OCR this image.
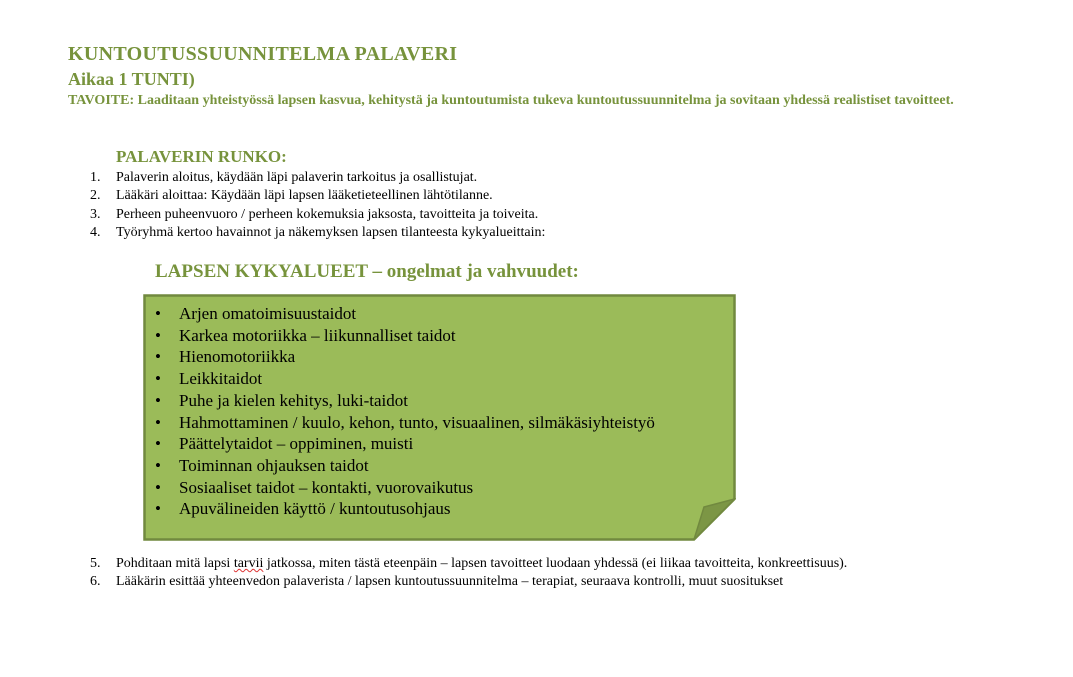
KUNTOUTUSSUUNNITELMA PALAVERI
Aikaa 1 TUNTI)
TAVOITE: Laaditaan yhteistyössä lapsen kasvua, kehitystä ja kuntoutumista tukeva kuntoutussuunnitelma ja sovitaan yhdessä realistiset tavoitteet.
PALAVERIN RUNKO:
1. Palaverin aloitus, käydään läpi palaverin tarkoitus ja osallistujat.
2. Lääkäri aloittaa: Käydään läpi lapsen lääketieteellinen lähtötilanne.
3. Perheen puheenvuoro / perheen kokemuksia jaksosta, tavoitteita ja toiveita.
4. Työryhmä kertoo havainnot ja näkemyksen lapsen tilanteesta kykyalueittain:
LAPSEN KYKYALUEET – ongelmat ja vahvuudet:
• Arjen omatoimisuustaidot
• Karkea motoriikka – liikunnalliset taidot
• Hienomotoriikka
• Leikkitaidot
• Puhe ja kielen kehitys, luki-taidot
• Hahmottaminen / kuulo, kehon, tunto, visuaalinen, silmäkäsiyhteistyö
• Päättelytaidot – oppiminen, muisti
• Toiminnan ohjauksen taidot
• Sosiaaliset taidot – kontakti, vuorovaikutus
• Apuvälineiden käyttö / kuntoutusohjaus
5. Pohditaan mitä lapsi tarvii jatkossa, miten tästä eteenpäin – lapsen tavoitteet luodaan yhdessä (ei liikaa tavoitteita, konkreettisuus).
6. Lääkärin esittää yhteenvedon palaverista / lapsen kuntoutussuunnitelma – terapiat, seuraava kontrolli, muut suositukset
